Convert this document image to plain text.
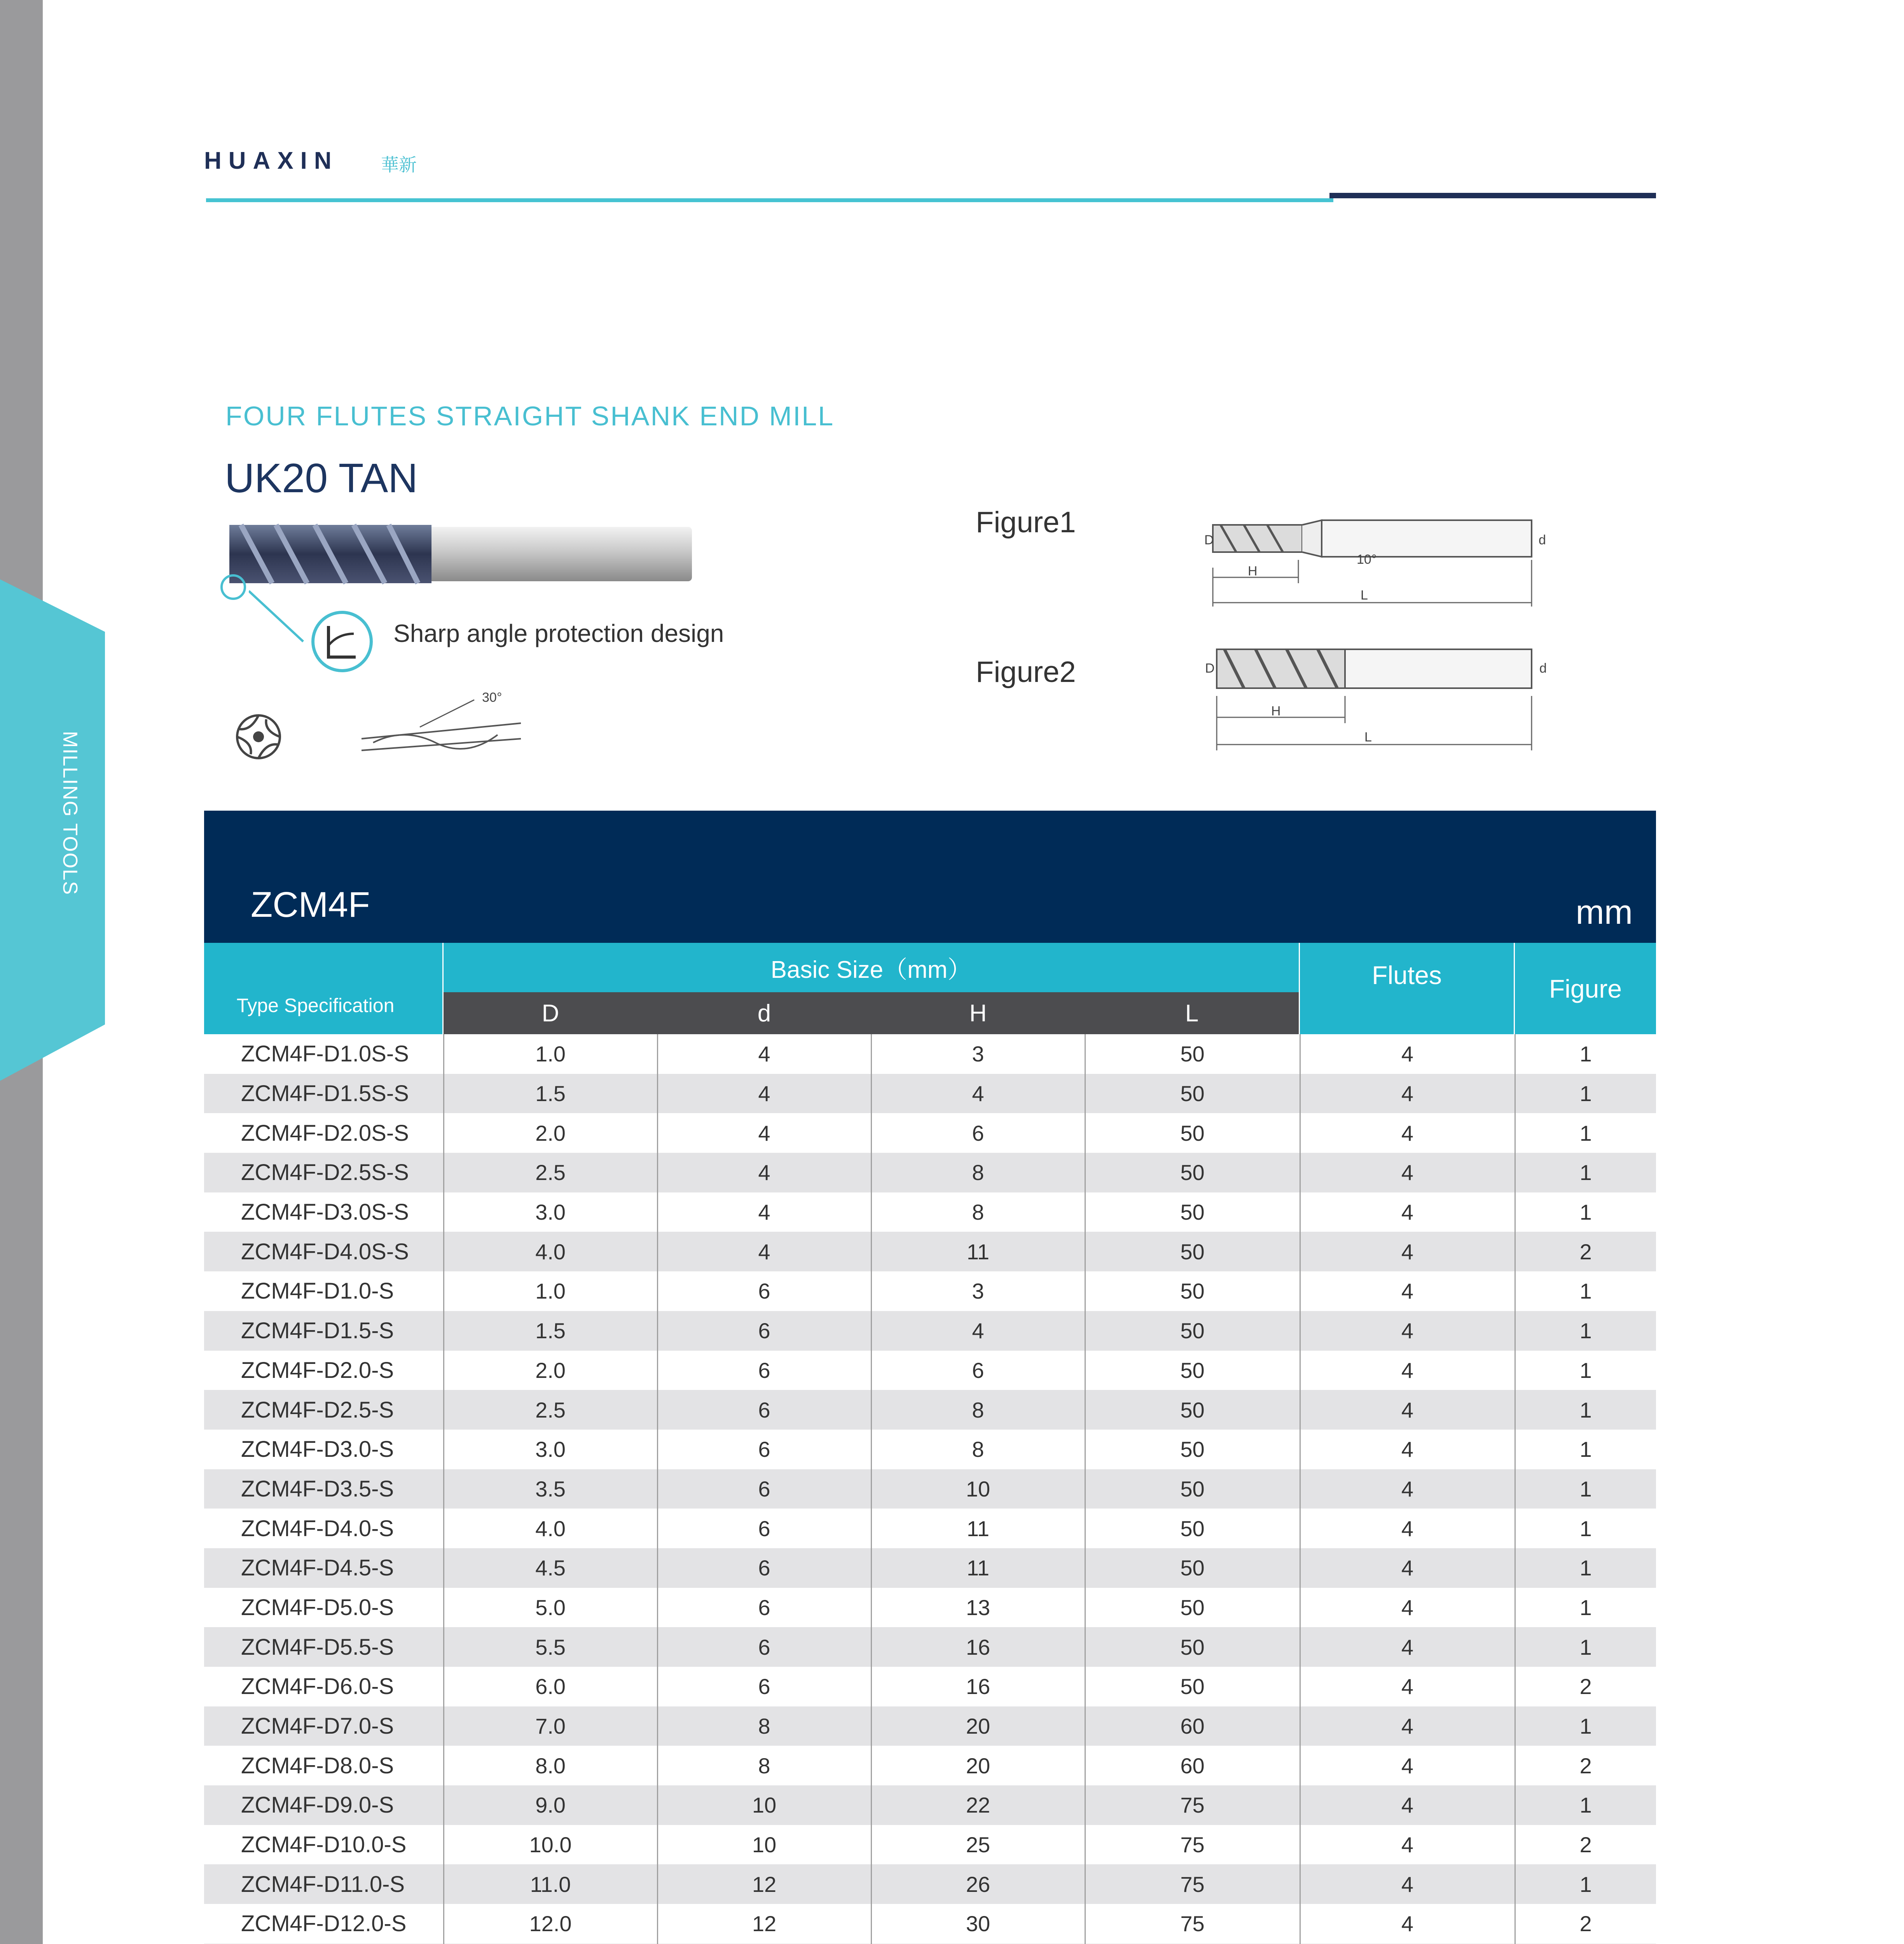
MILLING TOOLS
HUAXIN 華新
FOUR FLUTES STRAIGHT SHANK END MILL
UK20 TAN
Sharp angle protection design
30°
Figure1
Figure2
H
L
10°
D	d
H
L
D	d
ZCM4F	mm
Type Specification
Basic Size（mm）
D	d	H	L
Flutes	Figure
ZCM4F-D1.0S-S	1.0	4	3	50	4	1
ZCM4F-D1.5S-S	1.5	4	4	50	4	1
ZCM4F-D2.0S-S	2.0	4	6	50	4	1
ZCM4F-D2.5S-S	2.5	4	8	50	4	1
ZCM4F-D3.0S-S	3.0	4	8	50	4	1
ZCM4F-D4.0S-S	4.0	4	11	50	4	2
ZCM4F-D1.0-S	1.0	6	3	50	4	1
ZCM4F-D1.5-S	1.5	6	4	50	4	1
ZCM4F-D2.0-S	2.0	6	6	50	4	1
ZCM4F-D2.5-S	2.5	6	8	50	4	1
ZCM4F-D3.0-S	3.0	6	8	50	4	1
ZCM4F-D3.5-S	3.5	6	10	50	4	1
ZCM4F-D4.0-S	4.0	6	11	50	4	1
ZCM4F-D4.5-S	4.5	6	11	50	4	1
ZCM4F-D5.0-S	5.0	6	13	50	4	1
ZCM4F-D5.5-S	5.5	6	16	50	4	1
ZCM4F-D6.0-S	6.0	6	16	50	4	2
ZCM4F-D7.0-S	7.0	8	20	60	4	1
ZCM4F-D8.0-S	8.0	8	20	60	4	2
ZCM4F-D9.0-S	9.0	10	22	75	4	1
ZCM4F-D10.0-S	10.0	10	25	75	4	2
ZCM4F-D11.0-S	11.0	12	26	75	4	1
ZCM4F-D12.0-S	12.0	12	30	75	4	2
